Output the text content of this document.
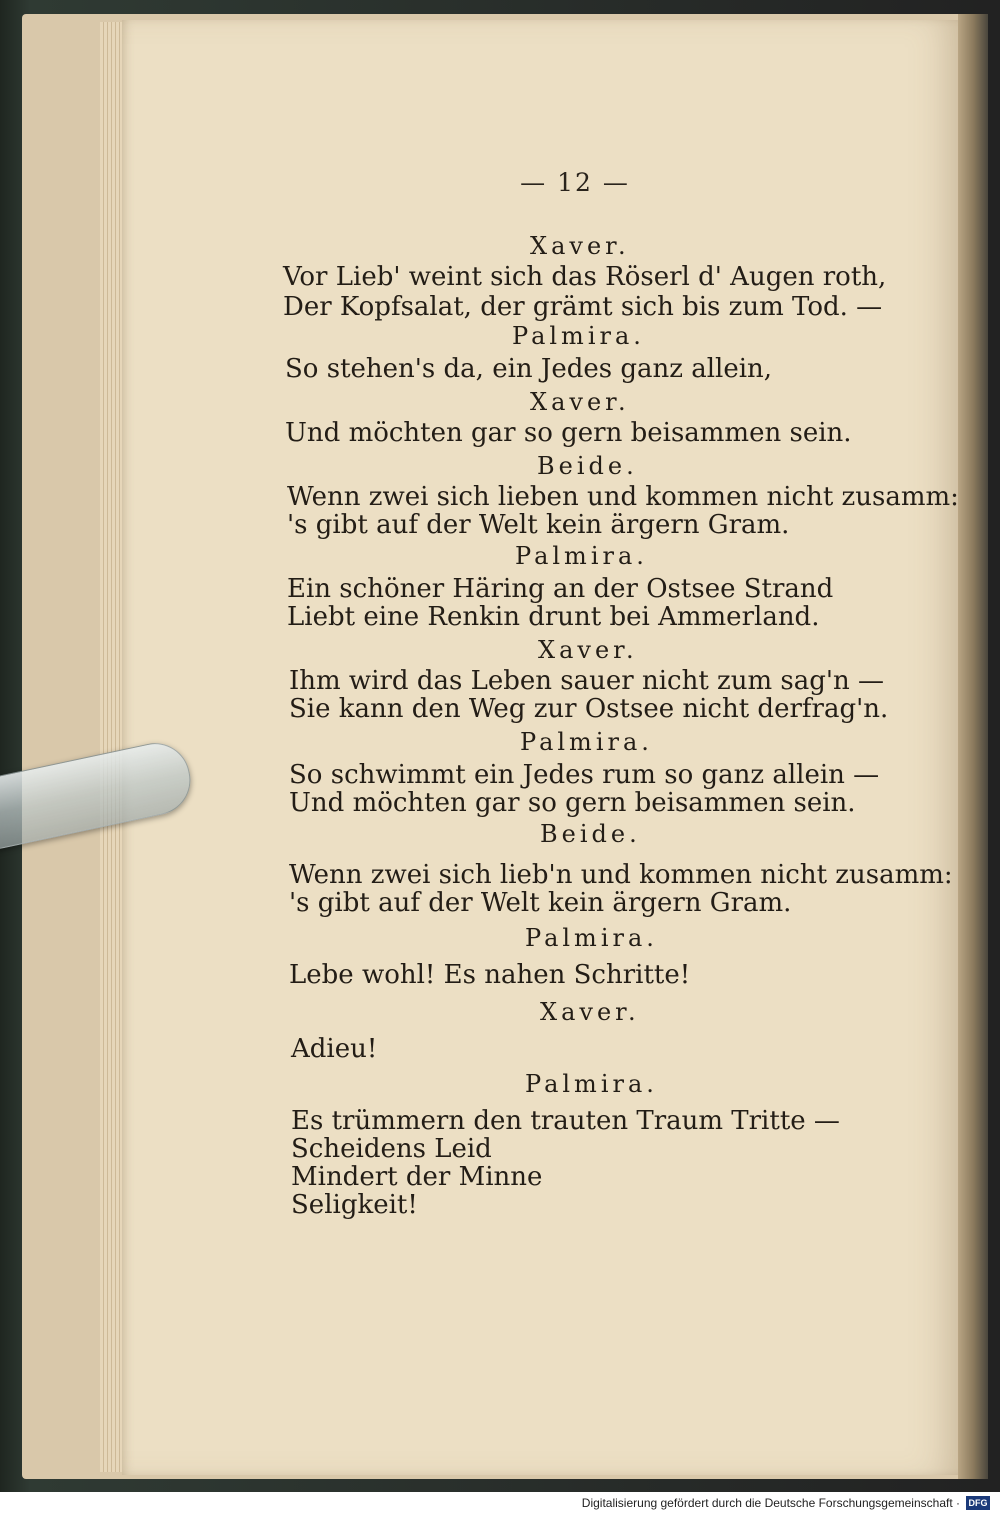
— 12 —
Xaver.
Vor Lieb' weint sich das Röserl d' Augen roth,
Der Kopfsalat, der grämt sich bis zum Tod. —
Palmira.
So stehen's da, ein Jedes ganz allein,
Xaver.
Und möchten gar so gern beisammen sein.
Beide.
Wenn zwei sich lieben und kommen nicht zusamm:
's gibt auf der Welt kein ärgern Gram.
Palmira.
Ein schöner Häring an der Ostsee Strand
Liebt eine Renkin drunt bei Ammerland.
Xaver.
Ihm wird das Leben sauer nicht zum sag'n —
Sie kann den Weg zur Ostsee nicht derfrag'n.
Palmira.
So schwimmt ein Jedes rum so ganz allein —
Und möchten gar so gern beisammen sein.
Beide.
Wenn zwei sich lieb'n und kommen nicht zusamm:
's gibt auf der Welt kein ärgern Gram.
Palmira.
Lebe wohl! Es nahen Schritte!
Xaver.
Adieu!
Palmira.
Es trümmern den trauten Traum Tritte —
Scheidens Leid
Mindert der Minne
Seligkeit!
Digitalisierung gefördert durch die Deutsche Forschungsgemeinschaft · DFG
